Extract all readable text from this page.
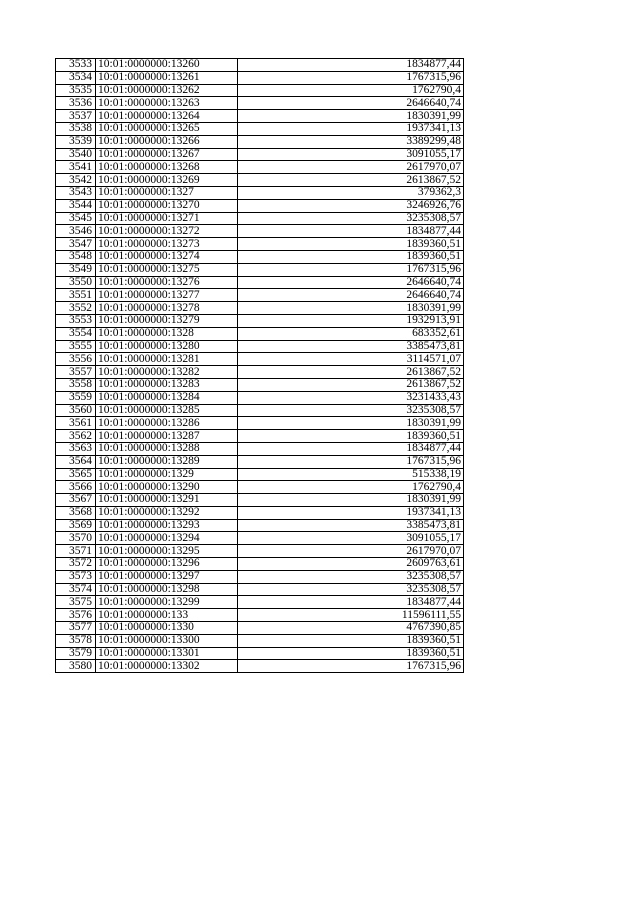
3533	10:01:0000000:13260	1834877,44
3534	10:01:0000000:13261	1767315,96
3535	10:01:0000000:13262	1762790,4
3536	10:01:0000000:13263	2646640,74
3537	10:01:0000000:13264	1830391,99
3538	10:01:0000000:13265	1937341,13
3539	10:01:0000000:13266	3389299,48
3540	10:01:0000000:13267	3091055,17
3541	10:01:0000000:13268	2617970,07
3542	10:01:0000000:13269	2613867,52
3543	10:01:0000000:1327	379362,3
3544	10:01:0000000:13270	3246926,76
3545	10:01:0000000:13271	3235308,57
3546	10:01:0000000:13272	1834877,44
3547	10:01:0000000:13273	1839360,51
3548	10:01:0000000:13274	1839360,51
3549	10:01:0000000:13275	1767315,96
3550	10:01:0000000:13276	2646640,74
3551	10:01:0000000:13277	2646640,74
3552	10:01:0000000:13278	1830391,99
3553	10:01:0000000:13279	1932913,91
3554	10:01:0000000:1328	683352,61
3555	10:01:0000000:13280	3385473,81
3556	10:01:0000000:13281	3114571,07
3557	10:01:0000000:13282	2613867,52
3558	10:01:0000000:13283	2613867,52
3559	10:01:0000000:13284	3231433,43
3560	10:01:0000000:13285	3235308,57
3561	10:01:0000000:13286	1830391,99
3562	10:01:0000000:13287	1839360,51
3563	10:01:0000000:13288	1834877,44
3564	10:01:0000000:13289	1767315,96
3565	10:01:0000000:1329	515338,19
3566	10:01:0000000:13290	1762790,4
3567	10:01:0000000:13291	1830391,99
3568	10:01:0000000:13292	1937341,13
3569	10:01:0000000:13293	3385473,81
3570	10:01:0000000:13294	3091055,17
3571	10:01:0000000:13295	2617970,07
3572	10:01:0000000:13296	2609763,61
3573	10:01:0000000:13297	3235308,57
3574	10:01:0000000:13298	3235308,57
3575	10:01:0000000:13299	1834877,44
3576	10:01:0000000:133	11596111,55
3577	10:01:0000000:1330	4767390,85
3578	10:01:0000000:13300	1839360,51
3579	10:01:0000000:13301	1839360,51
3580	10:01:0000000:13302	1767315,96
